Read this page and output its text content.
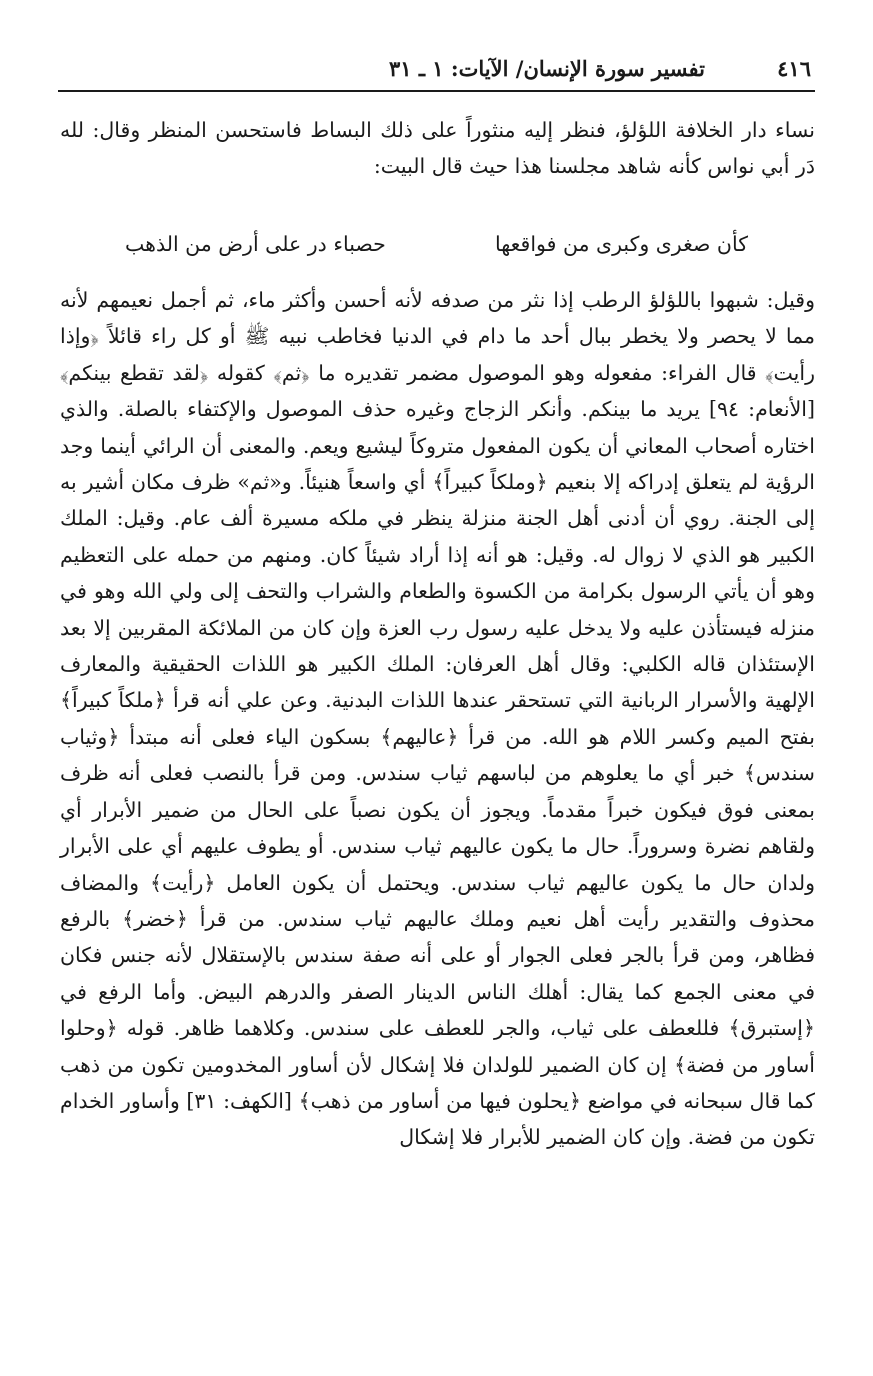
٤١٦
تفسير سورة الإنسان/ الآيات: ١ ـ ٣١
نساء دار الخلافة اللؤلؤ، فنظر إليه منثوراً على ذلك البساط فاستحسن المنظر وقال: لله دَر أبي نواس كأنه شاهد مجلسنا هذا حيث قال البيت:
كأن صغرى وكبرى من فواقعها
حصباء در على أرض من الذهب
وقيل: شبهوا باللؤلؤ الرطب إذا نثر من صدفه لأنه أحسن وأكثر ماء، ثم أجمل نعيمهم لأنه مما لا يحصر ولا يخطر ببال أحد ما دام في الدنيا فخاطب نبيه ﷺ أو كل راء قائلاً ﴿وإذا رأيت﴾ قال الفراء: مفعوله وهو الموصول مضمر تقديره ما ﴿ثم﴾ كقوله ﴿لقد تقطع بينكم﴾ [الأنعام: ٩٤] يريد ما بينكم. وأنكر الزجاج وغيره حذف الموصول والإكتفاء بالصلة. والذي اختاره أصحاب المعاني أن يكون المفعول متروكاً ليشيع ويعم. والمعنى أن الرائي أينما وجد الرؤية لم يتعلق إدراكه إلا بنعيم ﴿وملكاً كبيراً﴾ أي واسعاً هنيئاً. و«ثم» ظرف مكان أشير به إلى الجنة. روي أن أدنى أهل الجنة منزلة ينظر في ملكه مسيرة ألف عام. وقيل: الملك الكبير هو الذي لا زوال له. وقيل: هو أنه إذا أراد شيئاً كان. ومنهم من حمله على التعظيم وهو أن يأتي الرسول بكرامة من الكسوة والطعام والشراب والتحف إلى ولي الله وهو في منزله فيستأذن عليه ولا يدخل عليه رسول رب العزة وإن كان من الملائكة المقربين إلا بعد الإستئذان قاله الكلبي: وقال أهل العرفان: الملك الكبير هو اللذات الحقيقية والمعارف الإلهية والأسرار الربانية التي تستحقر عندها اللذات البدنية. وعن علي أنه قرأ ﴿ملكاً كبيراً﴾ بفتح الميم وكسر اللام هو الله. من قرأ ﴿عاليهم﴾ بسكون الياء فعلى أنه مبتدأ ﴿وثياب سندس﴾ خبر أي ما يعلوهم من لباسهم ثياب سندس. ومن قرأ بالنصب فعلى أنه ظرف بمعنى فوق فيكون خبراً مقدماً. ويجوز أن يكون نصباً على الحال من ضمير الأبرار أي ولقاهم نضرة وسروراً. حال ما يكون عاليهم ثياب سندس. أو يطوف عليهم أي على الأبرار ولدان حال ما يكون عاليهم ثياب سندس. ويحتمل أن يكون العامل ﴿رأيت﴾ والمضاف محذوف والتقدير رأيت أهل نعيم وملك عاليهم ثياب سندس. من قرأ ﴿خضر﴾ بالرفع فظاهر، ومن قرأ بالجر فعلى الجوار أو على أنه صفة سندس بالإستقلال لأنه جنس فكان في معنى الجمع كما يقال: أهلك الناس الدينار الصفر والدرهم البيض. وأما الرفع في ﴿إستبرق﴾ فللعطف على ثياب، والجر للعطف على سندس. وكلاهما ظاهر. قوله ﴿وحلوا أساور من فضة﴾ إن كان الضمير للولدان فلا إشكال لأن أساور المخدومين تكون من ذهب كما قال سبحانه في مواضع ﴿يحلون فيها من أساور من ذهب﴾ [الكهف: ٣١] وأساور الخدام تكون من فضة. وإن كان الضمير للأبرار فلا إشكال
